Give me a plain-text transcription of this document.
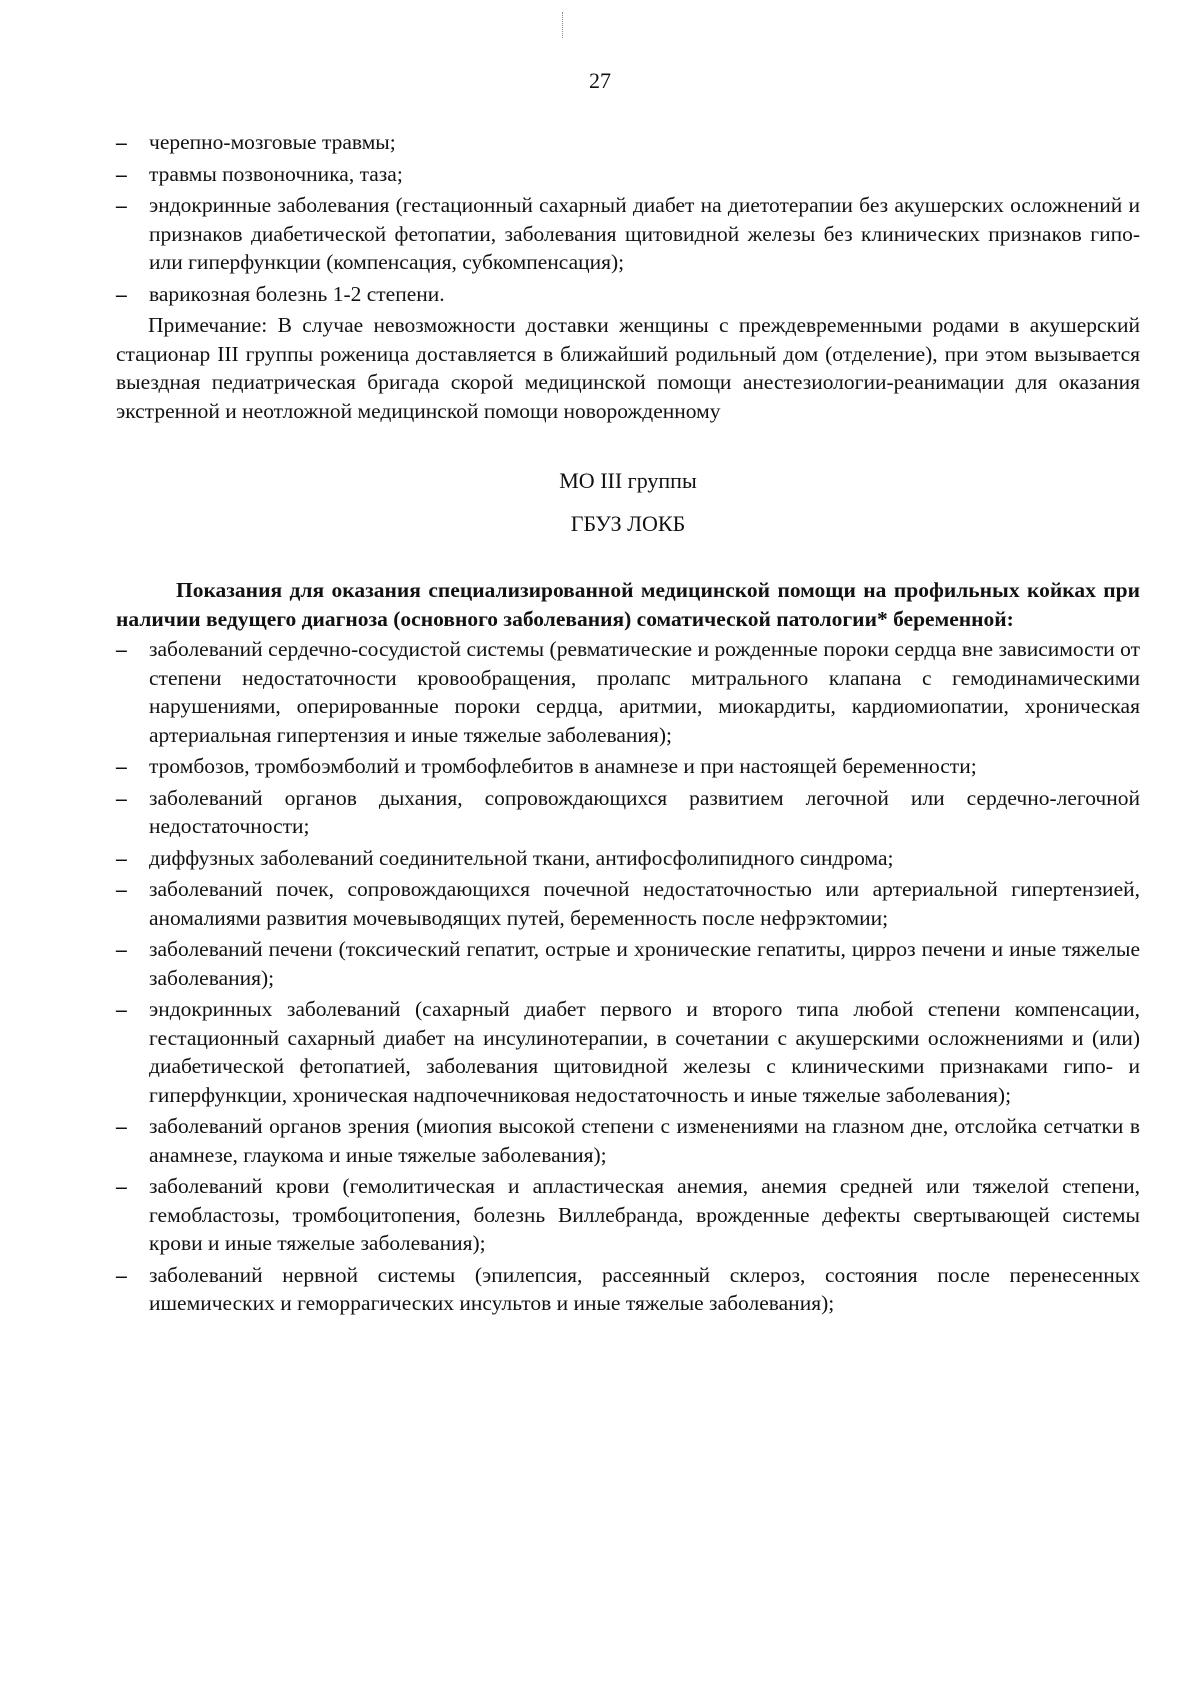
27
– черепно-мозговые травмы;
– травмы позвоночника, таза;
– эндокринные заболевания (гестационный сахарный диабет на диетотерапии без акушерских осложнений и признаков диабетической фетопатии, заболевания щитовидной железы без клинических признаков гипо- или гиперфункции (компенсация, субкомпенсация);
– варикозная болезнь 1-2 степени.

Примечание: В случае невозможности доставки женщины с преждевременными родами в акушерский стационар III группы роженица доставляется в ближайший родильный дом (отделение), при этом вызывается выездная педиатрическая бригада скорой медицинской помощи анестезиологии-реанимации для оказания экстренной и неотложной медицинской помощи новорожденному

МО III группы

ГБУЗ ЛОКБ

Показания для оказания специализированной медицинской помощи на профильных койках при наличии ведущего диагноза (основного заболевания) соматической патологии* беременной:

– заболеваний сердечно-сосудистой системы (ревматические и рожденные пороки сердца вне зависимости от степени недостаточности кровообращения, пролапс митрального клапана с гемодинамическими нарушениями, оперированные пороки сердца, аритмии, миокардиты, кардиомиопатии, хроническая артериальная гипертензия и иные тяжелые заболевания);
– тромбозов, тромбоэмболий и тромбофлебитов в анамнезе и при настоящей беременности;
– заболеваний органов дыхания, сопровождающихся развитием легочной или сердечно-легочной недостаточности;
– диффузных заболеваний соединительной ткани, антифосфолипидного синдрома;
– заболеваний почек, сопровождающихся почечной недостаточностью или артериальной гипертензией, аномалиями развития мочевыводящих путей, беременность после нефрэктомии;
– заболеваний печени (токсический гепатит, острые и хронические гепатиты, цирроз печени и иные тяжелые заболевания);
– эндокринных заболеваний (сахарный диабет первого и второго типа любой степени компенсации, гестационный сахарный диабет на инсулинотерапии, в сочетании с акушерскими осложнениями и (или) диабетической фетопатией, заболевания щитовидной железы с клиническими признаками гипо- и гиперфункции, хроническая надпочечниковая недостаточность и иные тяжелые заболевания);
– заболеваний органов зрения (миопия высокой степени с изменениями на глазном дне, отслойка сетчатки в анамнезе, глаукома и иные тяжелые заболевания);
– заболеваний крови (гемолитическая и апластическая анемия, анемия средней или тяжелой степени, гемобластозы, тромбоцитопения, болезнь Виллебранда, врожденные дефекты свертывающей системы крови и иные тяжелые заболевания);
– заболеваний нервной системы (эпилепсия, рассеянный склероз, состояния после перенесенных ишемических и геморрагических инсультов и иные тяжелые заболевания);
